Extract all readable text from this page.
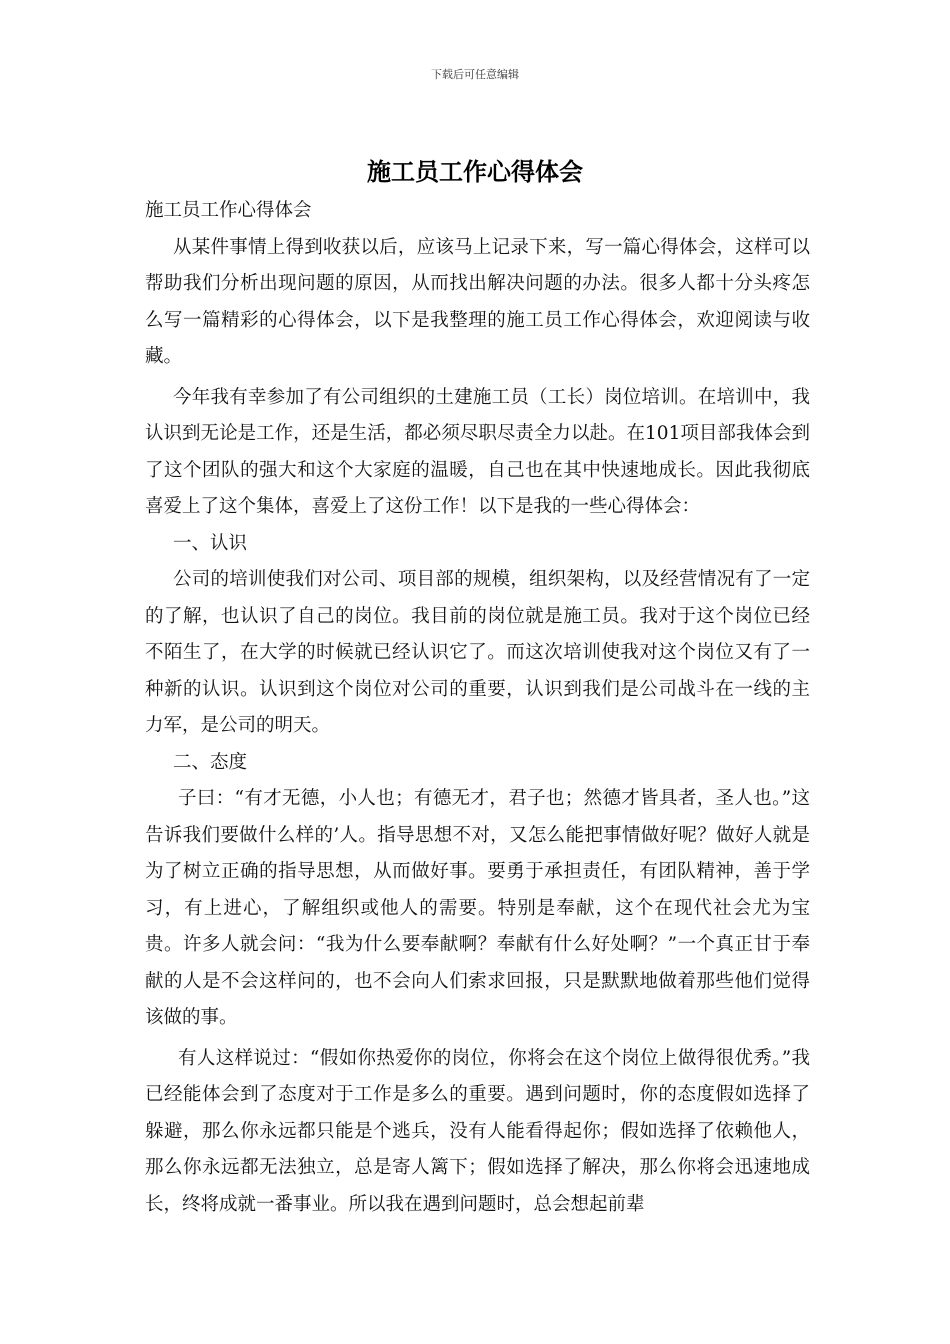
下载后可任意编辑
施工员工作心得体会

施工员工作心得体会

从某件事情上得到收获以后，应该马上记录下来，写一篇心得体会，这样可以帮助我们分析出现问题的原因，从而找出解决问题的办法。很多人都十分头疼怎么写一篇精彩的心得体会，以下是我整理的施工员工作心得体会，欢迎阅读与收藏。

今年我有幸参加了有公司组织的土建施工员（工长）岗位培训。在培训中，我认识到无论是工作，还是生活，都必须尽职尽责全力以赴。在101项目部我体会到了这个团队的强大和这个大家庭的温暖，自己也在其中快速地成长。因此我彻底喜爱上了这个集体，喜爱上了这份工作！以下是我的一些心得体会：

一、认识

公司的培训使我们对公司、项目部的规模，组织架构，以及经营情况有了一定的了解，也认识了自己的岗位。我目前的岗位就是施工员。我对于这个岗位已经不陌生了，在大学的时候就已经认识它了。而这次培训使我对这个岗位又有了一种新的认识。认识到这个岗位对公司的重要，认识到我们是公司战斗在一线的主力军，是公司的明天。

二、态度

子曰：“有才无德，小人也；有德无才，君子也；然德才皆具者，圣人也。”这告诉我们要做什么样的’人。指导思想不对，又怎么能把事情做好呢？做好人就是为了树立正确的指导思想，从而做好事。要勇于承担责任，有团队精神，善于学习，有上进心，了解组织或他人的需要。特别是奉献，这个在现代社会尤为宝贵。许多人就会问：“我为什么要奉献啊？奉献有什么好处啊？”一个真正甘于奉献的人是不会这样问的，也不会向人们索求回报，只是默默地做着那些他们觉得该做的事。

有人这样说过：“假如你热爱你的岗位，你将会在这个岗位上做得很优秀。”我已经能体会到了态度对于工作是多么的重要。遇到问题时，你的态度假如选择了躲避，那么你永远都只能是个逃兵，没有人能看得起你；假如选择了依赖他人，那么你永远都无法独立，总是寄人篱下；假如选择了解决，那么你将会迅速地成长，终将成就一番事业。所以我在遇到问题时，总会想起前辈
